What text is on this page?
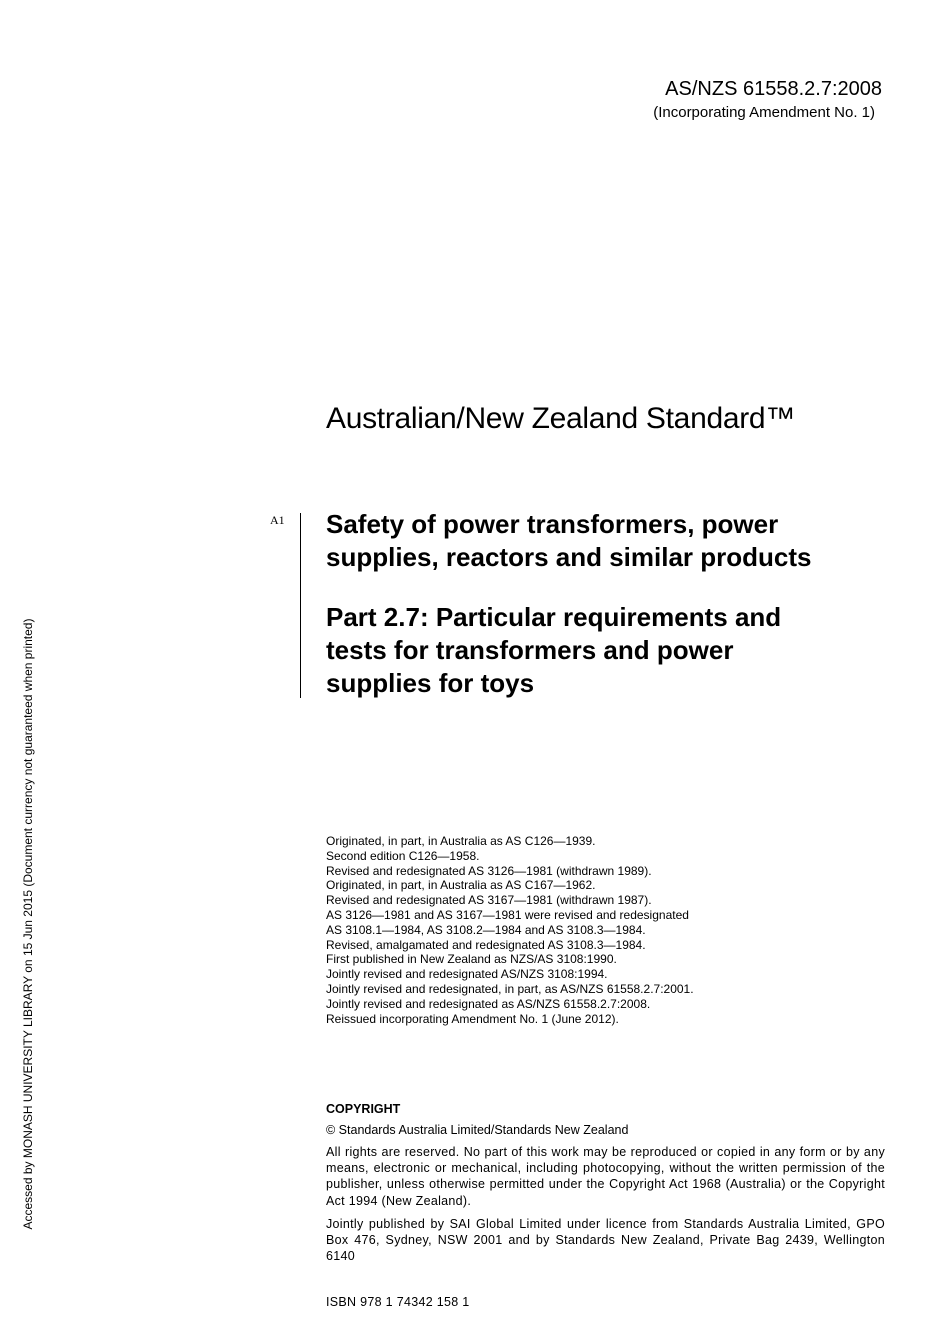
AS/NZS 61558.2.7:2008
(Incorporating Amendment No. 1)
Australian/New Zealand Standard™
A1 Safety of power transformers, power
supplies, reactors and similar products
Part 2.7: Particular requirements and
tests for transformers and power
supplies for toys
Originated, in part, in Australia as AS C126—1939.
Second edition C126—1958.
Revised and redesignated AS 3126—1981 (withdrawn 1989).
Originated, in part, in Australia as AS C167—1962.
Revised and redesignated AS 3167—1981 (withdrawn 1987).
AS 3126—1981 and AS 3167—1981 were revised and redesignated
AS 3108.1—1984, AS 3108.2—1984 and AS 3108.3—1984.
Revised, amalgamated and redesignated AS 3108.3—1984.
First published in New Zealand as NZS/AS 3108:1990.
Jointly revised and redesignated AS/NZS 3108:1994.
Jointly revised and redesignated, in part, as AS/NZS 61558.2.7:2001.
Jointly revised and redesignated as AS/NZS 61558.2.7:2008.
Reissued incorporating Amendment No. 1 (June 2012).
COPYRIGHT
© Standards Australia Limited/Standards New Zealand
All rights are reserved. No part of this work may be reproduced or copied in any form or by any means, electronic or mechanical, including photocopying, without the written permission of the publisher, unless otherwise permitted under the Copyright Act 1968 (Australia) or the Copyright Act 1994 (New Zealand).
Jointly published by SAI Global Limited under licence from Standards Australia Limited, GPO Box 476, Sydney, NSW 2001 and by Standards New Zealand, Private Bag 2439, Wellington 6140
ISBN 978 1 74342 158 1
Accessed by MONASH UNIVERSITY LIBRARY on 15 Jun 2015 (Document currency not guaranteed when printed)
